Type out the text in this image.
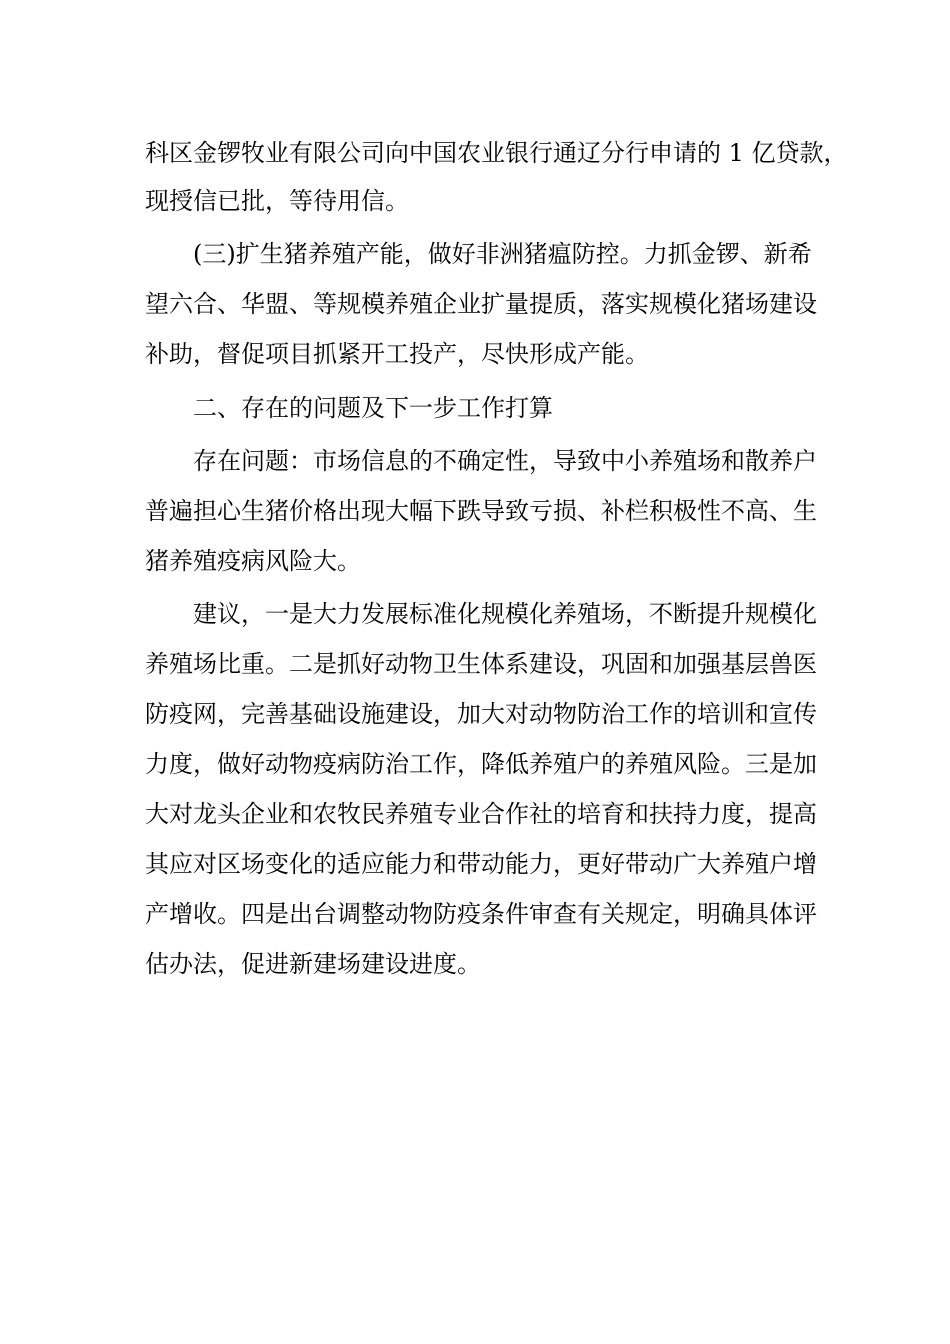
科区金锣牧业有限公司向中国农业银行通辽分行申请的 1 亿贷款，

现授信已批，等待用信。

　　(三)扩生猪养殖产能，做好非洲猪瘟防控。力抓金锣、新希

望六合、华盟、等规模养殖企业扩量提质，落实规模化猪场建设

补助，督促项目抓紧开工投产，尽快形成产能。

　　二、存在的问题及下一步工作打算

　　存在问题：市场信息的不确定性，导致中小养殖场和散养户

普遍担心生猪价格出现大幅下跌导致亏损、补栏积极性不高、生

猪养殖疫病风险大。

　　建议，一是大力发展标准化规模化养殖场，不断提升规模化

养殖场比重。二是抓好动物卫生体系建设，巩固和加强基层兽医

防疫网，完善基础设施建设，加大对动物防治工作的培训和宣传

力度，做好动物疫病防治工作，降低养殖户的养殖风险。三是加

大对龙头企业和农牧民养殖专业合作社的培育和扶持力度，提高

其应对区场变化的适应能力和带动能力，更好带动广大养殖户增

产增收。四是出台调整动物防疫条件审查有关规定，明确具体评

估办法，促进新建场建设进度。
